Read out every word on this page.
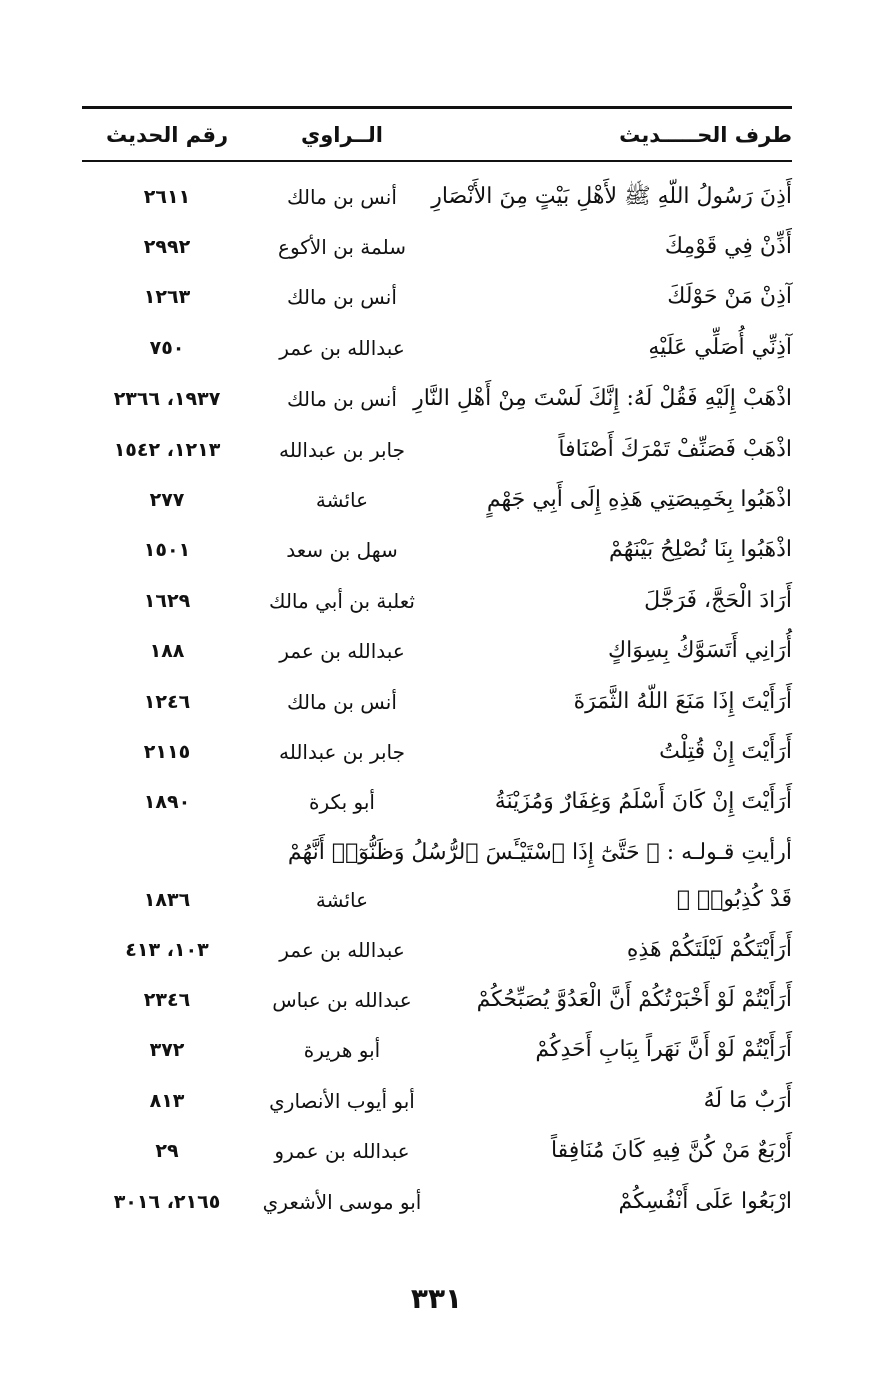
طرف الحـــــديث
الــراوي
رقم الحديث
أَذِنَ رَسُولُ اللّهِ ﷺ لأَهْلِ بَيْتٍ مِنَ الأَنْصَارِ
أنس بن مالك
٢٦١١
أَذِّنْ فِي قَوْمِكَ
سلمة بن الأكوع
٢٩٩٢
آذِنْ مَنْ حَوْلَكَ
أنس بن مالك
١٢٦٣
آذِنِّي أُصَلِّي عَلَيْهِ
عبدالله بن عمر
٧٥٠
اذْهَبْ إِلَيْهِ فَقُلْ لَهُ: إِنَّكَ لَسْتَ مِنْ أَهْلِ النَّارِ
أنس بن مالك
١٩٣٧، ٢٣٦٦
اذْهَبْ فَصَنِّفْ تَمْرَكَ أَصْنَافاً
جابر بن عبدالله
١٢١٣، ١٥٤٢
اذْهَبُوا بِخَمِيصَتِي هَذِهِ إِلَى أَبِي جَهْمٍ
عائشة
٢٧٧
اذْهَبُوا بِنَا نُصْلِحُ بَيْنَهُمْ
سهل بن سعد
١٥٠١
أَرَادَ الْحَجَّ، فَرَجَّلَ
ثعلبة بن أبي مالك
١٦٢٩
أُرَانِي أَتَسَوَّكُ بِسِوَاكٍ
عبدالله بن عمر
١٨٨
أَرَأَيْتَ إِذَا مَنَعَ اللّهُ الثَّمَرَةَ
أنس بن مالك
١٢٤٦
أَرَأَيْتَ إِنْ قُتِلْتُ
جابر بن عبدالله
٢١١٥
أَرَأَيْتَ إِنْ كَانَ أَسْلَمُ وَغِفَارٌ وَمُزَيْنَةُ
أبو بكرة
١٨٩٠
أرأيتِ قـولـه : ﴿ حَتَّىٰٓ إِذَا ٱسْتَيْـَٔسَ ٱلرُّسُلُ وَظَنُّوٓا۟ أَنَّهُمْ
قَدْ كُذِبُوا۟ ﴾
عائشة
١٨٣٦
أَرَأَيْتَكُمْ لَيْلَتَكُمْ هَذِهِ
عبدالله بن عمر
١٠٣، ٤١٣
أَرَأَيْتُمْ لَوْ أَخْبَرْتُكُمْ أَنَّ الْعَدُوَّ يُصَبِّحُكُمْ
عبدالله بن عباس
٢٣٤٦
أَرَأَيْتُمْ لَوْ أَنَّ نَهَراً بِبَابِ أَحَدِكُمْ
أبو هريرة
٣٧٢
أَرَبٌ مَا لَهُ
أبو أيوب الأنصاري
٨١٣
أَرْبَعٌ مَنْ كُنَّ فِيهِ كَانَ مُنَافِقاً
عبدالله بن عمرو
٢٩
ارْبَعُوا عَلَى أَنْفُسِكُمْ
أبو موسى الأشعري
٢١٦٥، ٣٠١٦
٣٣١
